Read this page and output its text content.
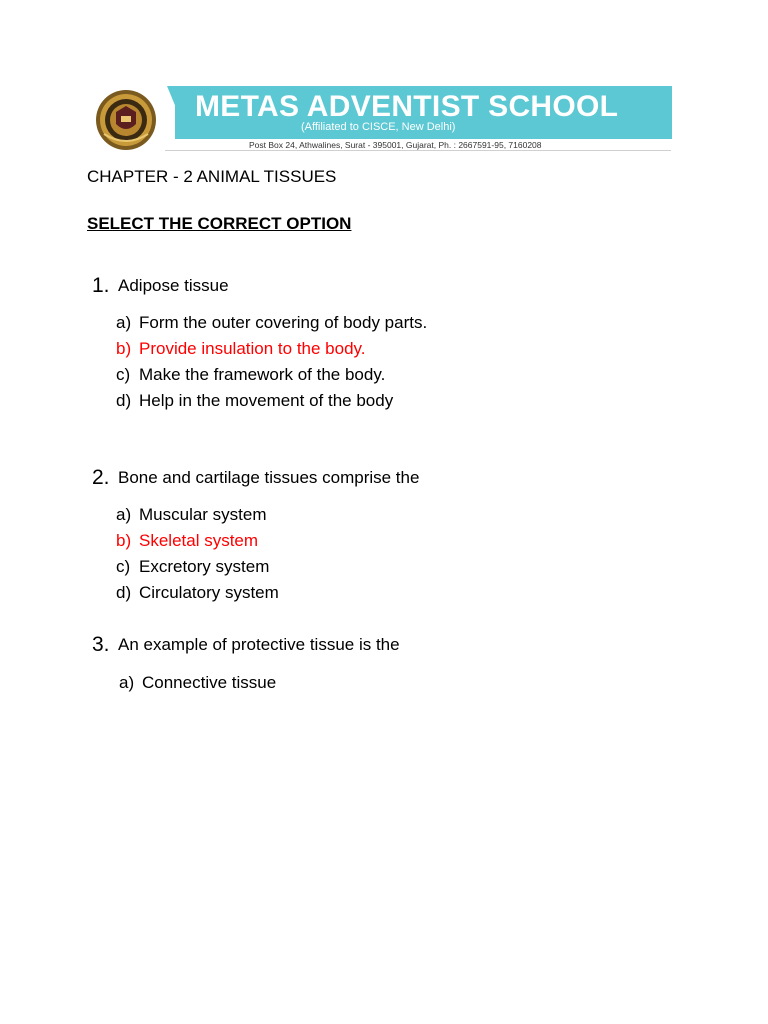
METAS ADVENTIST SCHOOL
(Affiliated to CISCE, New Delhi)
Post Box 24, Athwalines, Surat - 395001, Gujarat, Ph. : 2667591-95, 7160208
CHAPTER - 2 ANIMAL TISSUES
SELECT THE CORRECT OPTION
1. Adipose tissue
a) Form the outer covering of body parts.
b) Provide insulation to the body.
c) Make the framework of the body.
d) Help in the movement of the body
2. Bone and cartilage tissues comprise the
a) Muscular system
b) Skeletal system
c) Excretory system
d) Circulatory system
3. An example of protective tissue is the
a) Connective tissue
